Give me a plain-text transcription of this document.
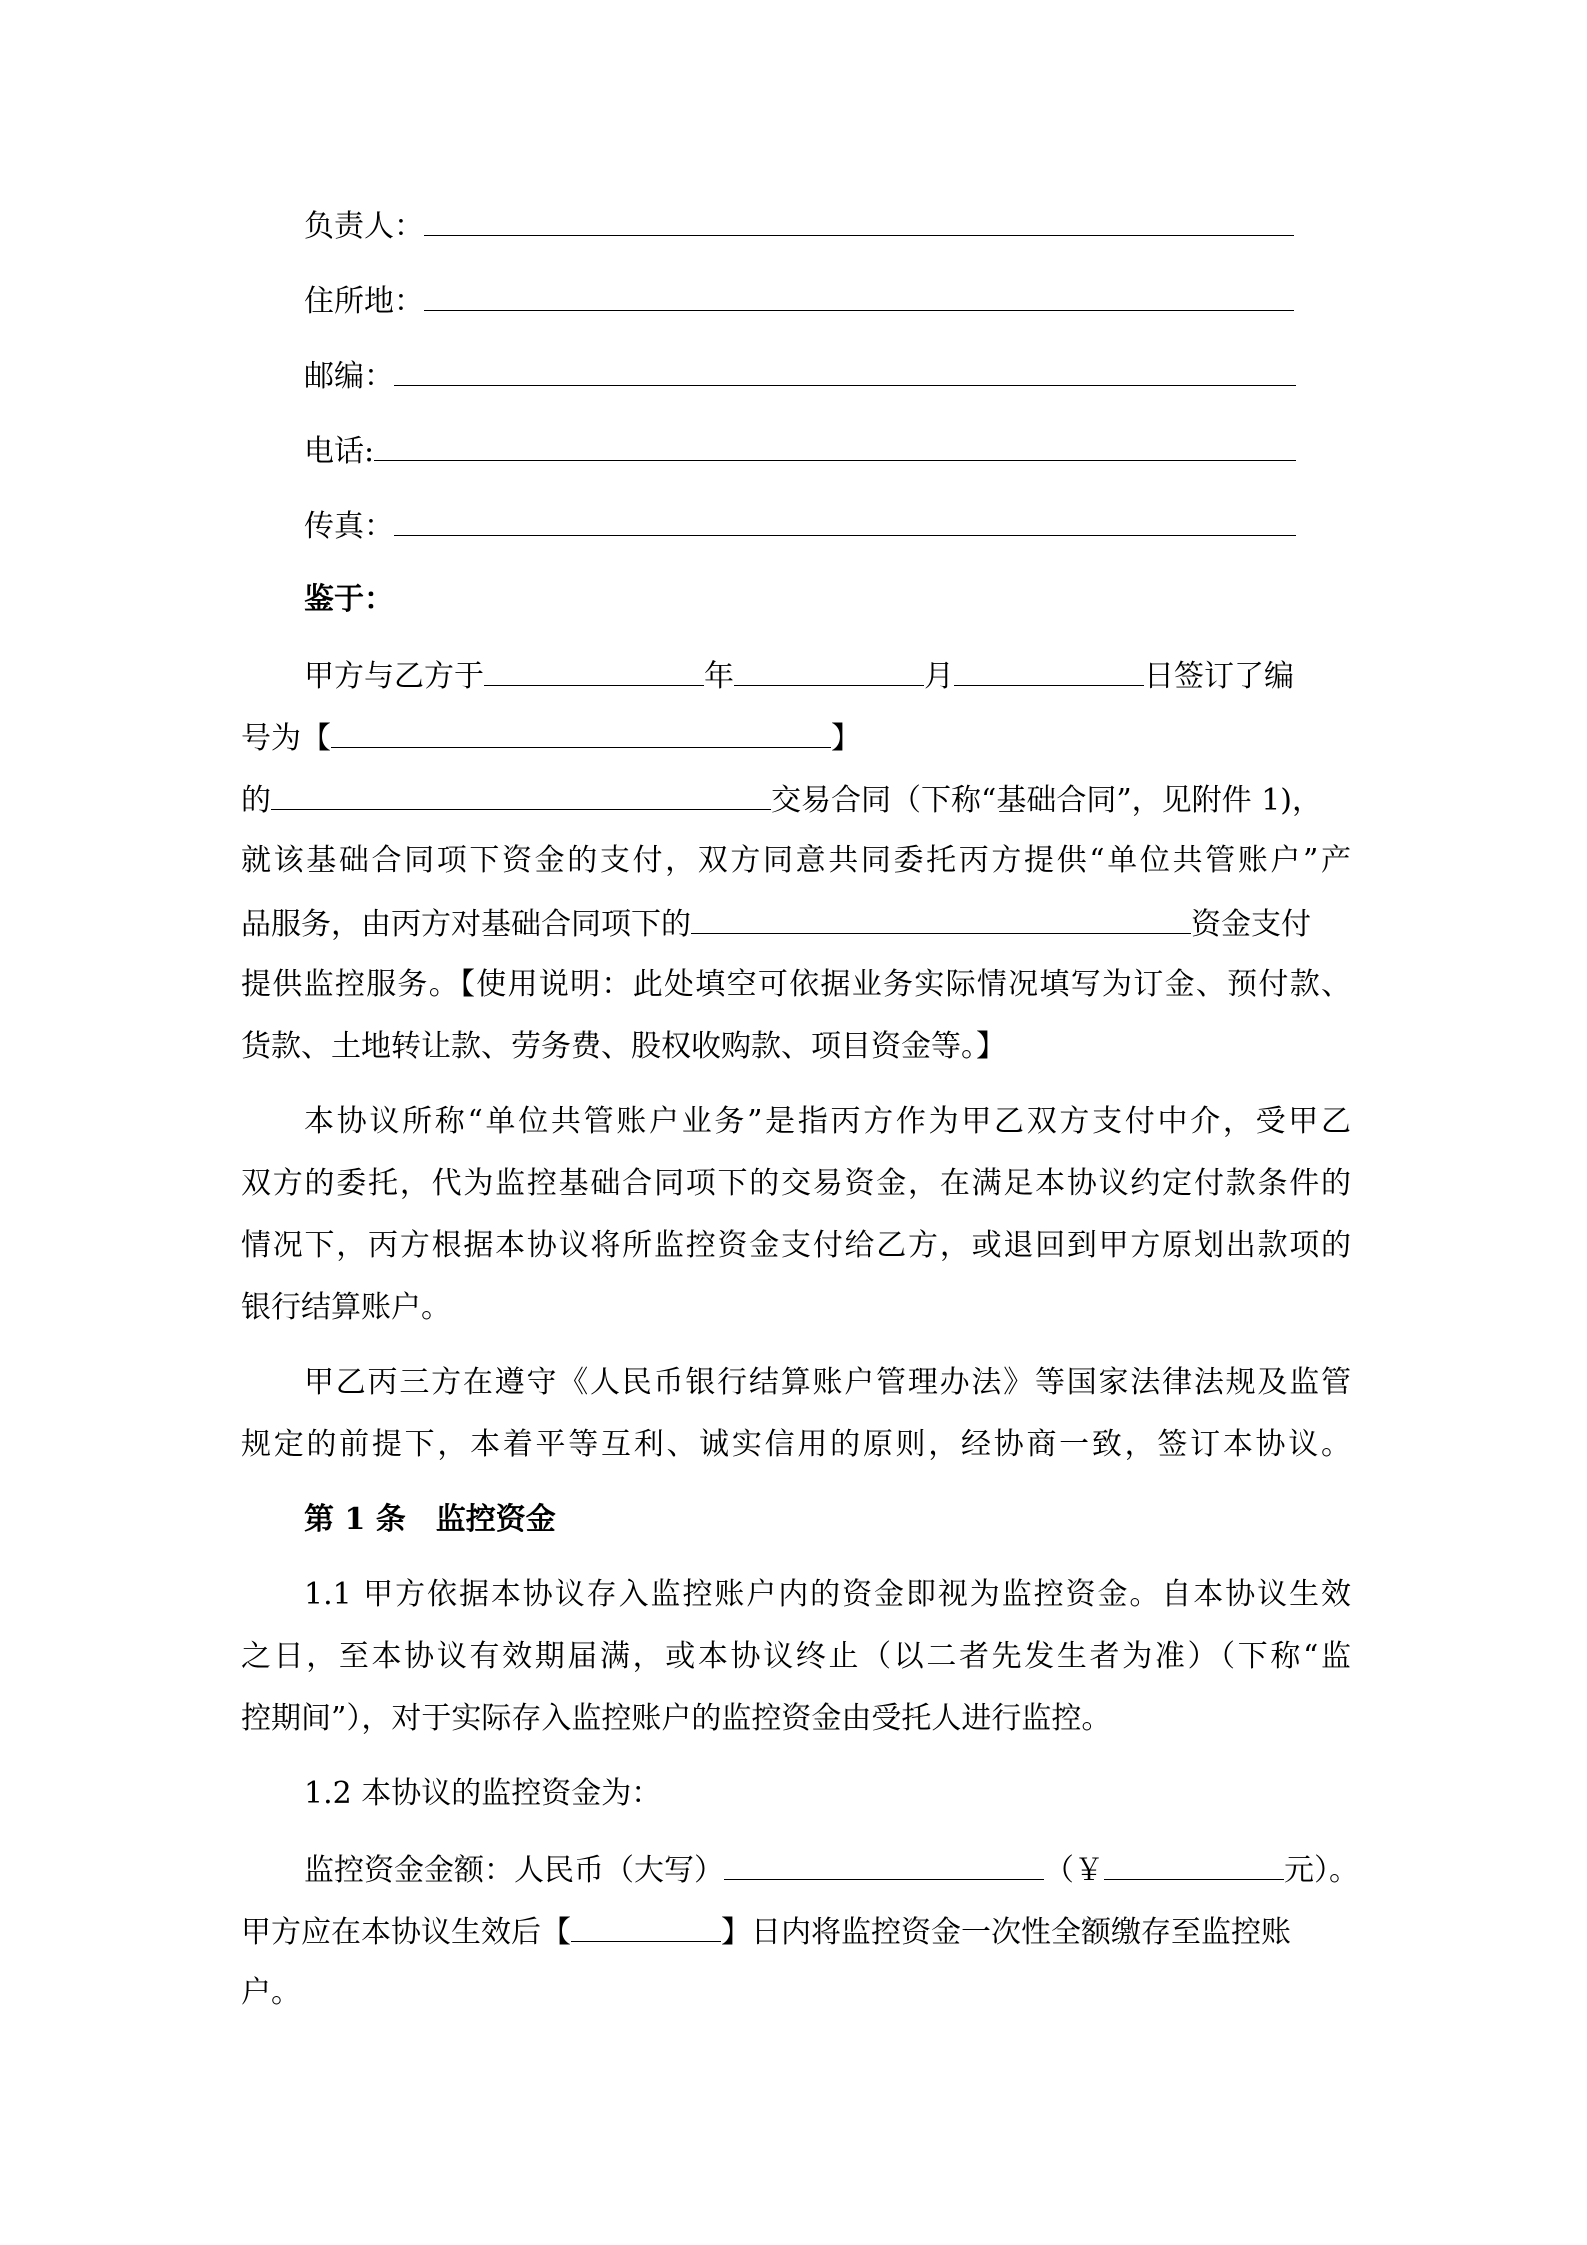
负责人：
住所地：
邮编：
电话:
传真：
鉴于：
甲方与乙方于	年	月	日签订了编
号为【	】
的	交易合同（下称“基础合同”，见附件 1)，
就该基础合同项下资金的支付，双方同意共同委托丙方提供“单位共管账户”产
品服务，由丙方对基础合同项下的	资金支付
提供监控服务。【使用说明：此处填空可依据业务实际情况填写为订金、预付款、
货款、土地转让款、劳务费、股权收购款、项目资金等。】
本协议所称“单位共管账户业务”是指丙方作为甲乙双方支付中介，受甲乙
双方的委托，代为监控基础合同项下的交易资金，在满足本协议约定付款条件的
情况下，丙方根据本协议将所监控资金支付给乙方，或退回到甲方原划出款项的
银行结算账户。
甲乙丙三方在遵守《人民币银行结算账户管理办法》等国家法律法规及监管
规定的前提下，本着平等互利、诚实信用的原则，经协商一致，签订本协议。
第 1 条　监控资金
1.1 甲方依据本协议存入监控账户内的资金即视为监控资金。自本协议生效
之日，至本协议有效期届满，或本协议终止（以二者先发生者为准）（下称“监
控期间”），对于实际存入监控账户的监控资金由受托人进行监控。
1.2 本协议的监控资金为：
监控资金金额：人民币（大写）	（￥	元）。
甲方应在本协议生效后【	】日内将监控资金一次性全额缴存至监控账
户。
